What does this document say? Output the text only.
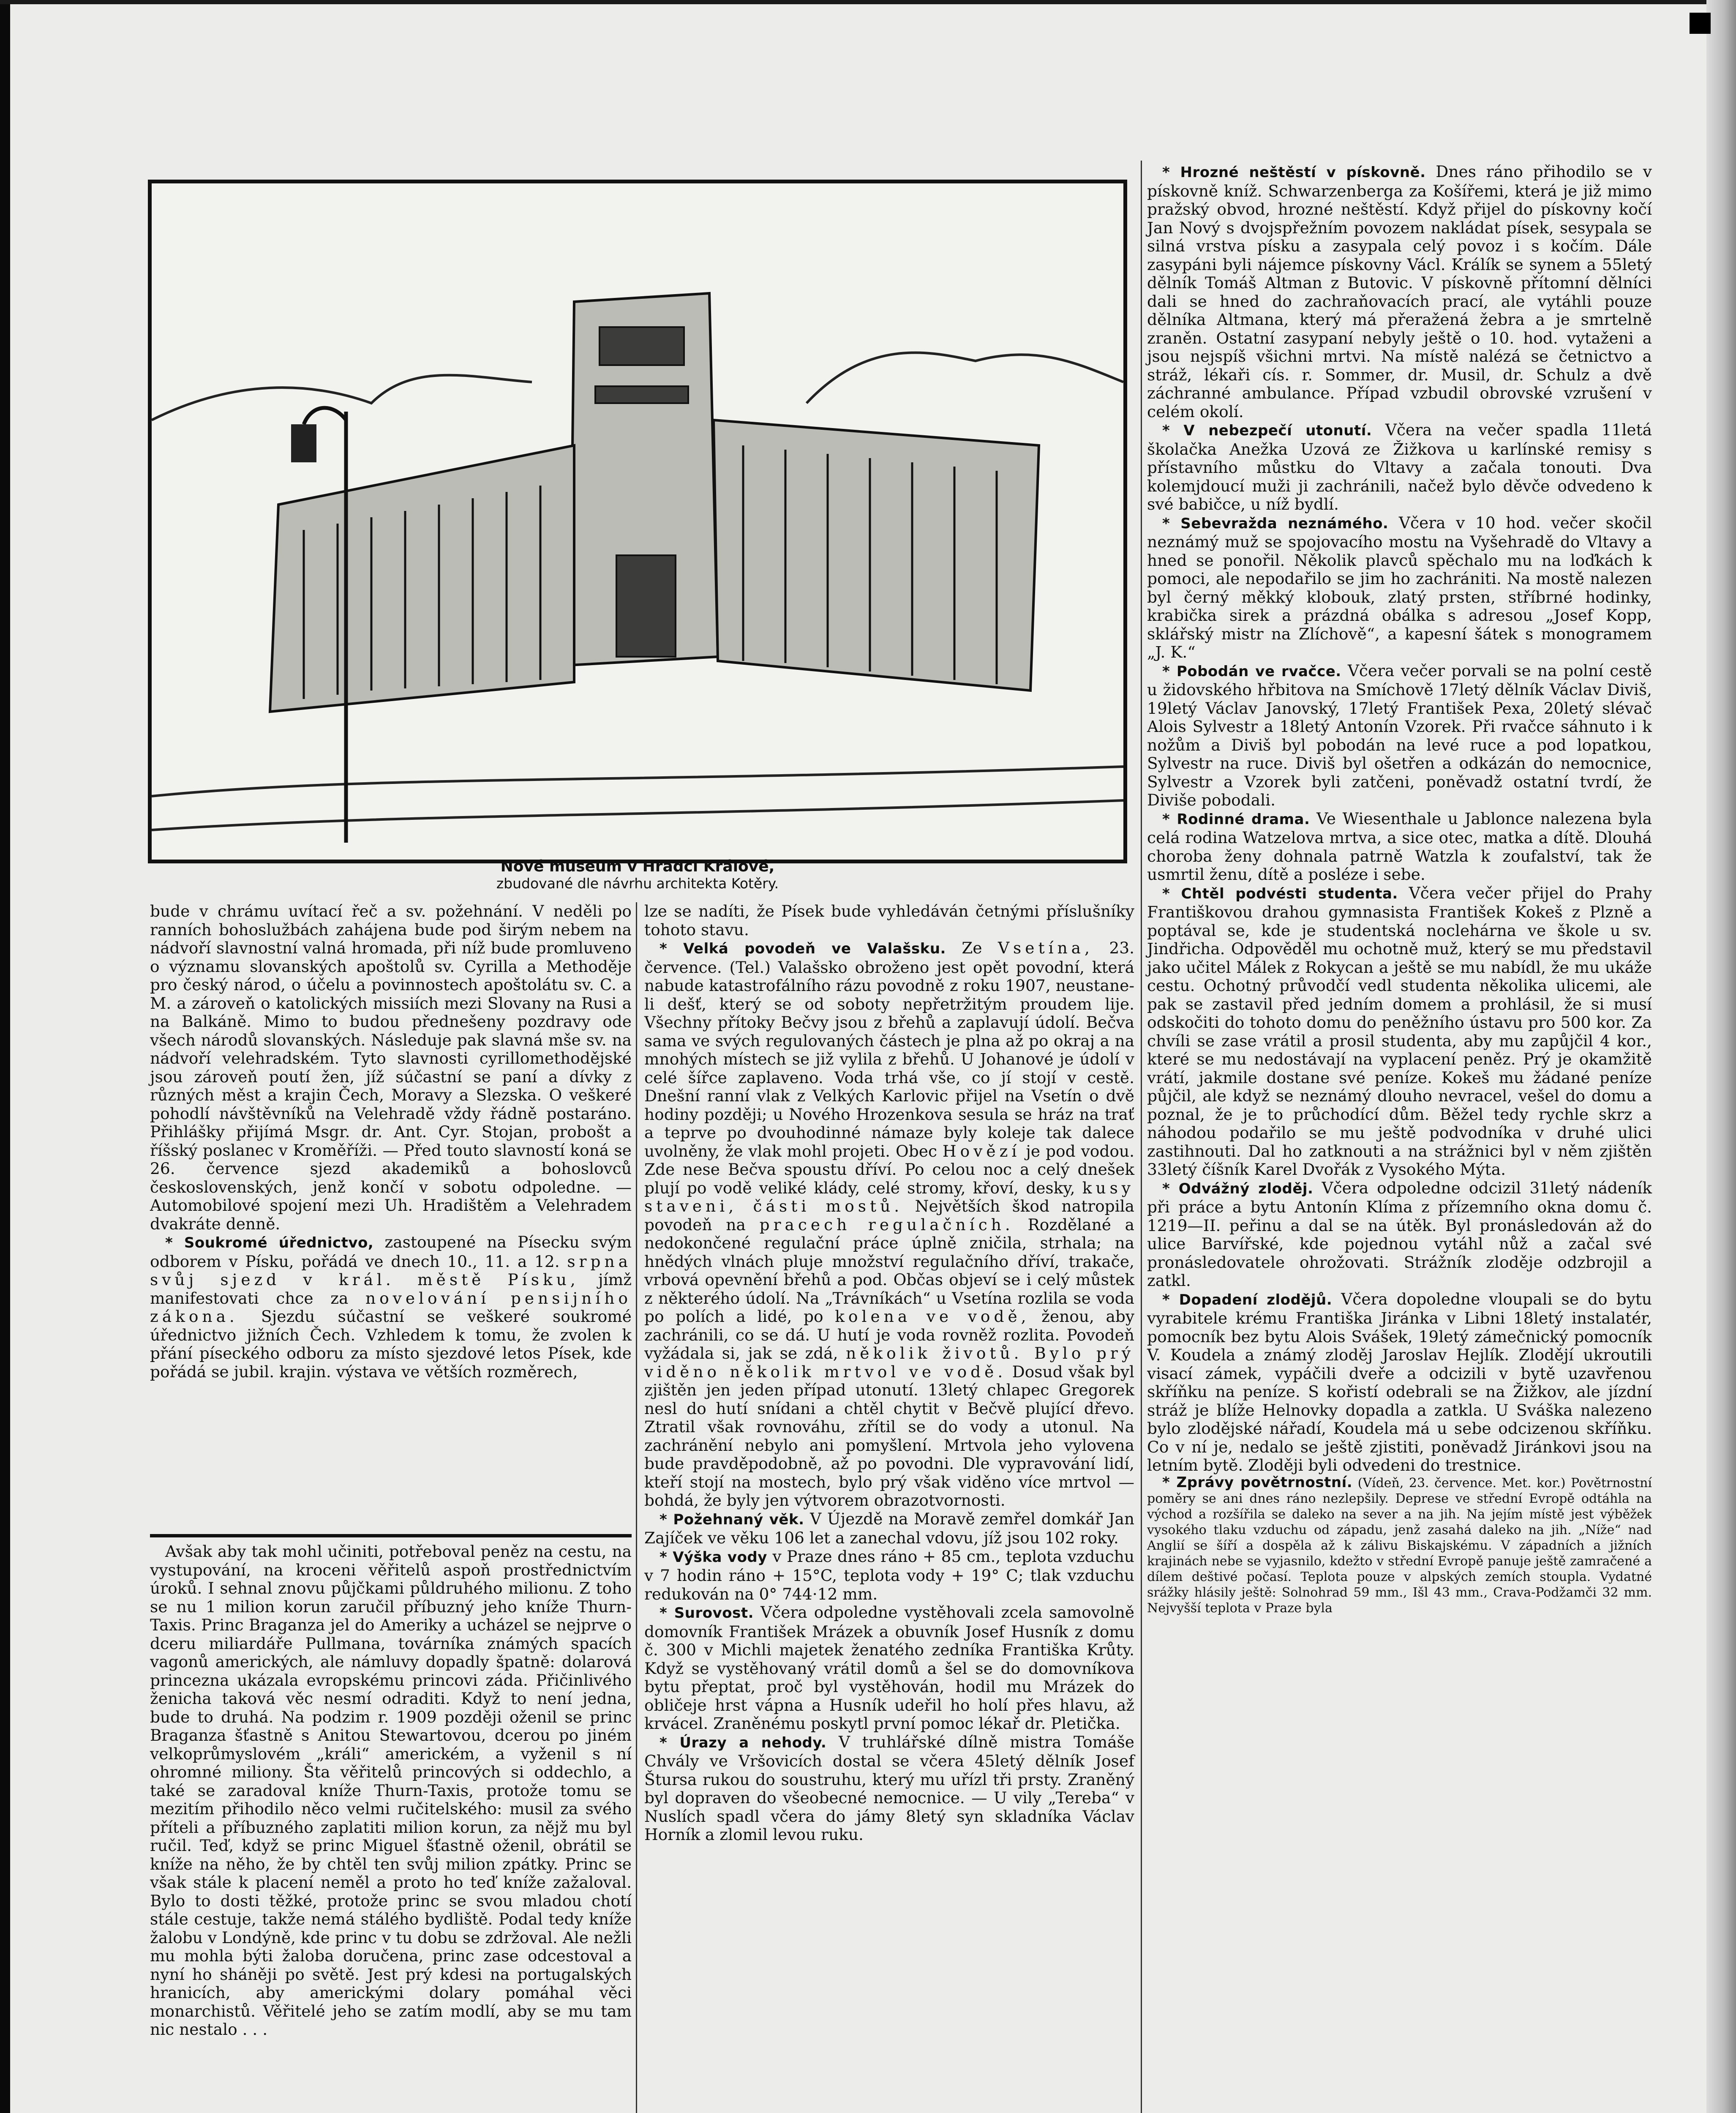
Nové museum v Hradci Králové,
zbudované dle návrhu architekta Kotěry.

bude v chrámu uvítací řeč a sv. požehnání. V neděli po ranních bohoslužbách zahájena bude pod širým nebem na nádvoří slavnostní valná hromada, při níž bude promluveno o významu slovanských apoštolů sv. Cyrilla a Methoděje pro český národ, o účelu a povinnostech apoštolátu sv. C. a M. a zároveň o katolických missiích mezi Slovany na Rusi a na Balkáně. Mimo to budou přednešeny pozdravy ode všech národů slovanských. Následuje pak slavná mše sv. na nádvoří velehradském. Tyto slavnosti cyrillomethodějské jsou zároveň poutí žen, jíž súčastní se paní a dívky z různých měst a krajin Čech, Moravy a Slezska. O veškeré pohodlí návštěvníků na Velehradě vždy řádně postaráno. Přihlášky přijímá Msgr. dr. Ant. Cyr. Stojan, probošt a říšský poslanec v Kroměříži. — Před touto slavností koná se 26. července sjezd akademiků a bohoslovců československých, jenž končí v sobotu odpoledne. — Automobilové spojení mezi Uh. Hradištěm a Velehradem dvakráte denně.

* Soukromé úřednictvo, zastoupené na Písecku svým odborem v Písku, pořádá ve dnech 10., 11. a 12. srpna svůj sjezd v král. městě Písku, jímž manifestovati chce za novelování pensijního zákona. Sjezdu súčastní se veškeré soukromé úřednictvo jižních Čech. Vzhledem k tomu, že zvolen k přání píseckého odboru za místo sjezdové letos Písek, kde pořádá se jubil. krajin. výstava ve větších rozměrech,

Avšak aby tak mohl učiniti, potřeboval peněz na cestu, na vystupování, na kroceni věřitelů aspoň prostřednictvím úroků. I sehnal znovu půjčkami půldruhého milionu. Z toho se nu 1 milion korun zaručil příbuzný jeho kníže Thurn-Taxis. Princ Braganza jel do Ameriky a ucházel se nejprve o dceru miliardáře Pullmana, továrníka známých spacích vagonů amerických, ale námluvy dopadly špatně: dolarová princezna ukázala evropskému princovi záda. Přičinlivého ženicha taková věc nesmí odraditi. Když to není jedna, bude to druhá. Na podzim r. 1909 později oženil se princ Braganza šťastně s Anitou Stewartovou, dcerou po jiném velkoprůmyslovém „králi“ americkém, a vyženil s ní ohromné miliony. Šta věřitelů princových si oddechlo, a také se zaradoval kníže Thurn-Taxis, protože tomu se mezitím přihodilo něco velmi ručitelského: musil za svého příteli a příbuzného zaplatiti milion korun, za nějž mu byl ručil. Teď, když se princ Miguel šťastně oženil, obrátil se kníže na něho, že by chtěl ten svůj milion zpátky. Princ se však stále k placení neměl a proto ho teď kníže zažaloval. Bylo to dosti těžké, protože princ se svou mladou chotí stále cestuje, takže nemá stálého bydliště. Podal tedy kníže žalobu v Londýně, kde princ v tu dobu se zdržoval. Ale nežli mu mohla býti žaloba doručena, princ zase odcestoval a nyní ho sháněji po světě. Jest prý kdesi na portugalských hranicích, aby americkými dolary pomáhal věci monarchistů. Věřitelé jeho se zatím modlí, aby se mu tam nic nestalo . . .

lze se nadíti, že Písek bude vyhledáván četnými příslušníky tohoto stavu.

* Velká povodeň ve Valašsku. Ze Vsetína, 23. července. (Tel.) Valašsko obroženo jest opět povodní, která nabude katastrofálního rázu povodně z roku 1907, neustane-li dešť, který se od soboty nepřetržitým proudem lije. Všechny přítoky Bečvy jsou z břehů a zaplavují údolí. Bečva sama ve svých regulovaných částech je plna až po okraj a na mnohých místech se již vylila z břehů. U Johanové je údolí v celé šířce zaplaveno. Voda trhá vše, co jí stojí v cestě. Dnešní ranní vlak z Velkých Karlovic přijel na Vsetín o dvě hodiny později; u Nového Hrozenkova sesula se hráz na trať a teprve po dvouhodinné námaze byly koleje tak dalece uvolněny, že vlak mohl projeti. Obec Hovězí je pod vodou. Zde nese Bečva spoustu dříví. Po celou noc a celý dnešek plují po vodě veliké klády, celé stromy, křoví, desky, kusy staveni, části mostů. Největších škod natropila povodeň na pracech regulačních. Rozdělané a nedokončené regulační práce úplně zničila, strhala; na hnědých vlnách pluje množství regulačního dříví, trakače, vrbová opevnění břehů a pod. Občas objeví se i celý můstek z některého údolí. Na „Trávníkách“ u Vsetína rozlila se voda po polích a lidé, po kolena ve vodě, ženou, aby zachránili, co se dá. U hutí je voda rovněž rozlita. Povodeň vyžádala si, jak se zdá, několik životů. Bylo prý viděno několik mrtvol ve vodě. Dosud však byl zjištěn jen jeden případ utonutí. 13letý chlapec Gregorek nesl do hutí snídani a chtěl chytit v Bečvě plující dřevo. Ztratil však rovnováhu, zřítil se do vody a utonul. Na zachránění nebylo ani pomyšlení. Mrtvola jeho vylovena bude pravděpodobně, až po povodni. Dle vypravování lidí, kteří stojí na mostech, bylo prý však viděno více mrtvol — bohdá, že byly jen výtvorem obrazotvornosti.

* Požehnaný věk. V Újezdě na Moravě zemřel domkář Jan Zajíček ve věku 106 let a zanechal vdovu, jíž jsou 102 roky.

* Výška vody v Praze dnes ráno + 85 cm., teplota vzduchu v 7 hodin ráno + 15°C, teplota vody + 19° C; tlak vzduchu redukován na 0° 744·12 mm.

* Surovost. Včera odpoledne vystěhovali zcela samovolně domovník František Mrázek a obuvník Josef Husník z domu č. 300 v Michli majetek ženatého zedníka Františka Krůty. Když se vystěhovaný vrátil domů a šel se do domovníkova bytu přeptat, proč byl vystěhován, hodil mu Mrázek do obličeje hrst vápna a Husník udeřil ho holí přes hlavu, až krvácel. Zraněnému poskytl první pomoc lékař dr. Pletička.

* Úrazy a nehody. V truhlářské dílně mistra Tomáše Chvály ve Vršovicích dostal se včera 45letý dělník Josef Štursa rukou do soustruhu, který mu uřízl tři prsty. Zraněný byl dopraven do všeobecné nemocnice. — U vily „Tereba“ v Nuslích spadl včera do jámy 8letý syn skladníka Václav Horník a zlomil levou ruku.

* Hrozné neštěstí v pískovně. Dnes ráno přihodilo se v pískovně kníž. Schwarzenberga za Košířemi, která je již mimo pražský obvod, hrozné neštěstí. Když přijel do pískovny kočí Jan Nový s dvojspřežním povozem nakládat písek, sesypala se silná vrstva písku a zasypala celý povoz i s kočím. Dále zasypáni byli nájemce pískovny Václ. Králík se synem a 55letý dělník Tomáš Altman z Butovic. V pískovně přítomní dělníci dali se hned do zachraňovacích prací, ale vytáhli pouze dělníka Altmana, který má přeražená žebra a je smrtelně zraněn. Ostatní zasypaní nebyly ještě o 10. hod. vytaženi a jsou nejspíš všichni mrtvi. Na místě nalézá se četnictvo a stráž, lékaři cís. r. Sommer, dr. Musil, dr. Schulz a dvě záchranné ambulance. Případ vzbudil obrovské vzrušení v celém okolí.

* V nebezpečí utonutí. Včera na večer spadla 11letá školačka Anežka Uzová ze Žižkova u karlínské remisy s přístavního můstku do Vltavy a začala tonouti. Dva kolemjdoucí muži ji zachránili, načež bylo děvče odvedeno k své babičce, u níž bydlí.

* Sebevražda neznámého. Včera v 10 hod. večer skočil neznámý muž se spojovacího mostu na Vyšehradě do Vltavy a hned se ponořil. Několik plavců spěchalo mu na loďkách k pomoci, ale nepodařilo se jim ho zachrániti. Na mostě nalezen byl černý měkký klobouk, zlatý prsten, stříbrné hodinky, krabička sirek a prázdná obálka s adresou „Josef Kopp, sklářský mistr na Zlíchově“, a kapesní šátek s monogramem „J. K.“

* Pobodán ve rvačce. Včera večer porvali se na polní cestě u židovského hřbitova na Smíchově 17letý dělník Václav Diviš, 19letý Václav Janovský, 17letý František Pexa, 20letý slévač Alois Sylvestr a 18letý Antonín Vzorek. Při rvačce sáhnuto i k nožům a Diviš byl pobodán na levé ruce a pod lopatkou, Sylvestr na ruce. Diviš byl ošetřen a odkázán do nemocnice, Sylvestr a Vzorek byli zatčeni, poněvadž ostatní tvrdí, že Diviše pobodali.

* Rodinné drama. Ve Wiesenthale u Jablonce nalezena byla celá rodina Watzelova mrtva, a sice otec, matka a dítě. Dlouhá choroba ženy dohnala patrně Watzla k zoufalství, tak že usmrtil ženu, dítě a posléze i sebe.

* Chtěl podvésti studenta. Včera večer přijel do Prahy Františkovou drahou gymnasista František Kokeš z Plzně a poptával se, kde je studentská noclehárna ve škole u sv. Jindřicha. Odpověděl mu ochotně muž, který se mu představil jako učitel Málek z Rokycan a ještě se mu nabídl, že mu ukáže cestu. Ochotný průvodčí vedl studenta několika ulicemi, ale pak se zastavil před jedním domem a prohlásil, že si musí odskočiti do tohoto domu do peněžního ústavu pro 500 kor. Za chvíli se zase vrátil a prosil studenta, aby mu zapůjčil 4 kor., které se mu nedostávají na vyplacení peněz. Prý je okamžitě vrátí, jakmile dostane své peníze. Kokeš mu žádané peníze půjčil, ale když se neznámý dlouho nevracel, vešel do domu a poznal, že je to průchodící dům. Běžel tedy rychle skrz a náhodou podařilo se mu ještě podvodníka v druhé ulici zastihnouti. Dal ho zatknouti a na strážnici byl v něm zjištěn 33letý číšník Karel Dvořák z Vysokého Mýta.

* Odvážný zloděj. Včera odpoledne odcizil 31letý nádeník při práce a bytu Antonín Klíma z přízemního okna domu č. 1219—II. peřinu a dal se na útěk. Byl pronásledován až do ulice Barvířské, kde pojednou vytáhl nůž a začal své pronásledovatele ohrožovati. Strážník zloděje odzbrojil a zatkl.

* Dopadení zlodějů. Včera dopoledne vloupali se do bytu vyrabitele krému Františka Jiránka v Libni 18letý instalatér, pomocník bez bytu Alois Svášek, 19letý zámečnický pomocník V. Koudela a známý zloděj Jaroslav Hejlík. Zlodějí ukroutili visací zámek, vypáčili dveře a odcizili v bytě uzavřenou skříňku na peníze. S kořistí odebrali se na Žižkov, ale jízdní stráž je blíže Helnovky dopadla a zatkla. U Sváška nalezeno bylo zlodějské nářadí, Koudela má u sebe odcizenou skříňku. Co v ní je, nedalo se ještě zjistiti, poněvadž Jiránkovi jsou na letním bytě. Zloději byli odvedeni do trestnice.

* Zprávy povětrnostní. (Vídeň, 23. července. Met. kor.) Povětrnostní poměry se ani dnes ráno nezlepšily. Deprese ve střední Evropě odtáhla na východ a rozšířila se daleko na sever a na jih. Na jejím místě jest výběžek vysokého tlaku vzduchu od západu, jenž zasahá daleko na jih. „Níže“ nad Anglií se šíří a dospěla až k zálivu Biskajskému. V západních a jižních krajinách nebe se vyjasnilo, kdežto v střední Evropě panuje ještě zamračené a dílem deštivé počasí. Teplota pouze v alpských zemích stoupla. Vydatné srážky hlásily ještě: Solnohrad 59 mm., Išl 43 mm., Crava-Podžamči 32 mm. Nejvyšší teplota v Praze byla
